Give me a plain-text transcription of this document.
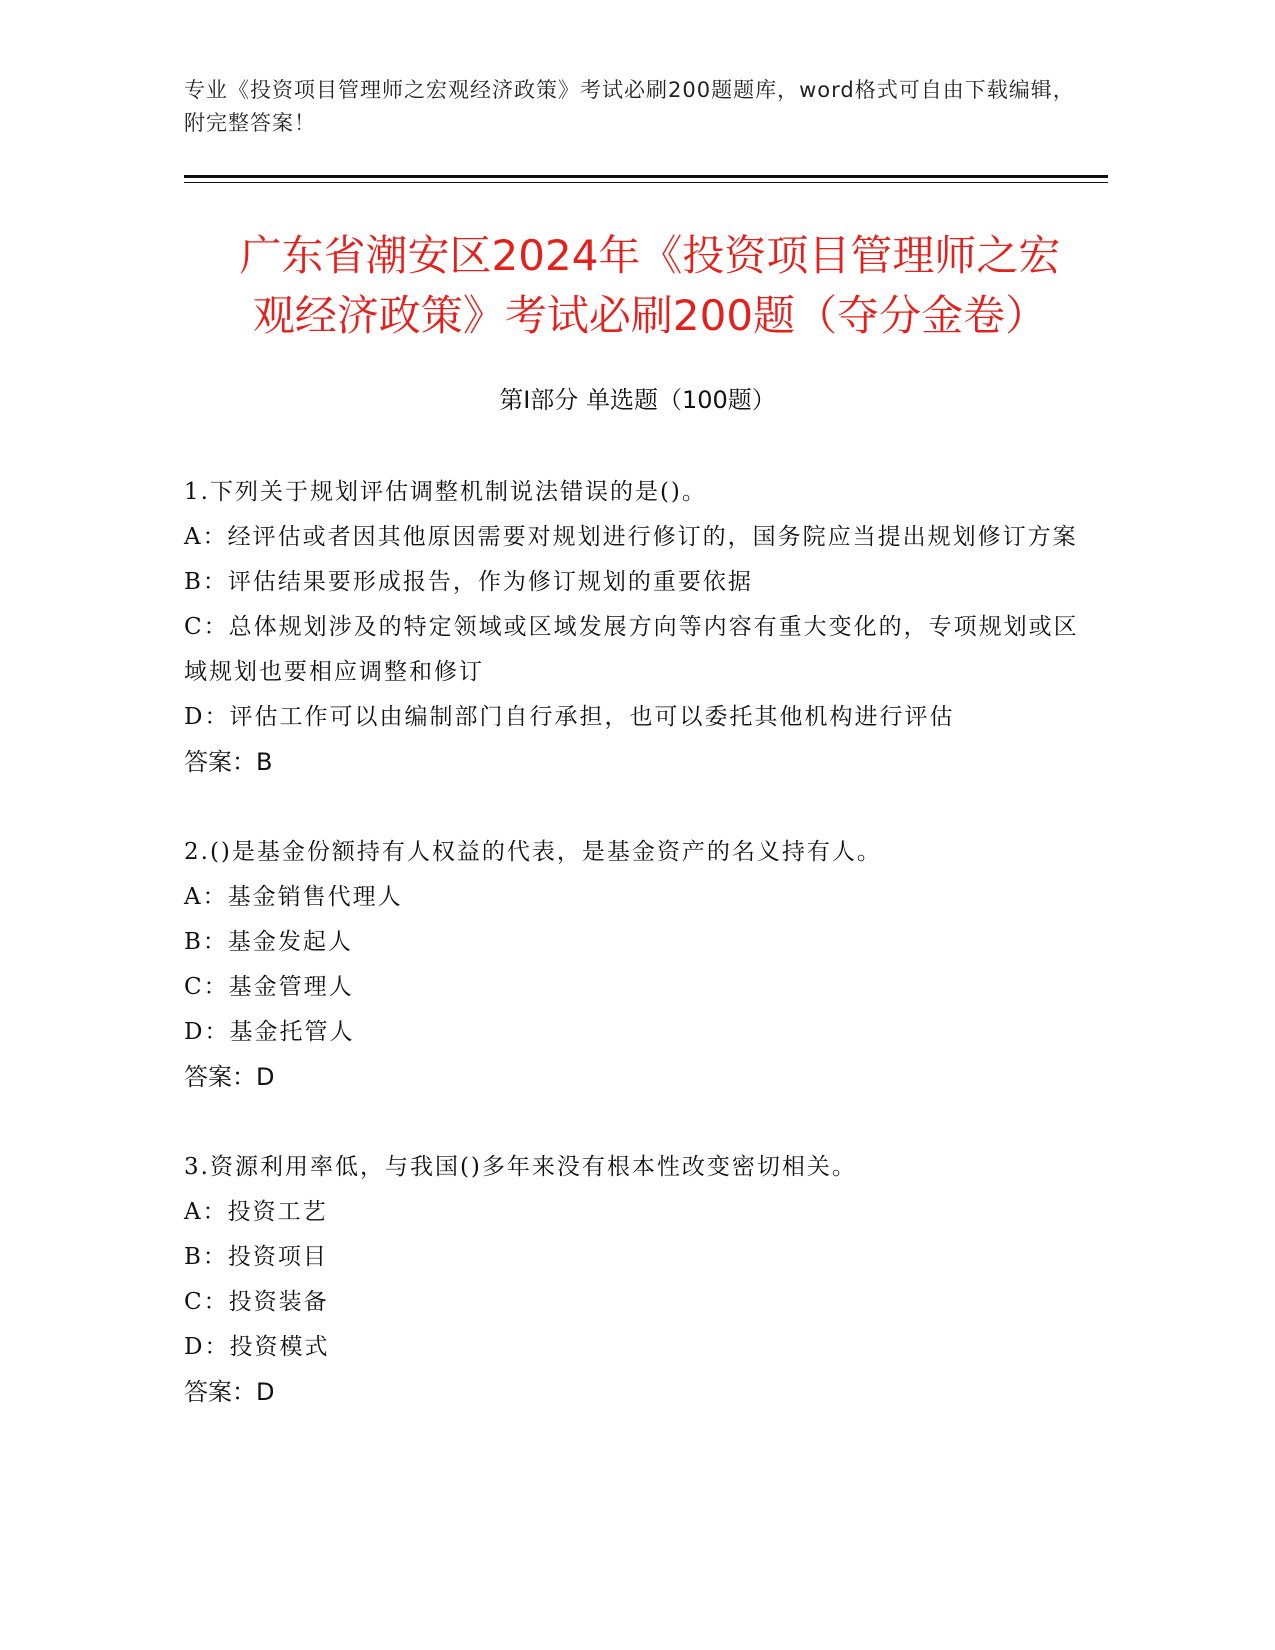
专业《投资项目管理师之宏观经济政策》考试必刷200题题库，word格式可自由下载编辑，附完整答案！
广东省潮安区2024年《投资项目管理师之宏
观经济政策》考试必刷200题（夺分金卷）
第I部分 单选题（100题）
1.下列关于规划评估调整机制说法错误的是()。
A：经评估或者因其他原因需要对规划进行修订的，国务院应当提出规划修订方案
B：评估结果要形成报告，作为修订规划的重要依据
C：总体规划涉及的特定领域或区域发展方向等内容有重大变化的，专项规划或区域规划也要相应调整和修订
D：评估工作可以由编制部门自行承担，也可以委托其他机构进行评估
答案：B
2.()是基金份额持有人权益的代表，是基金资产的名义持有人。
A：基金销售代理人
B：基金发起人
C：基金管理人
D：基金托管人
答案：D
3.资源利用率低，与我国()多年来没有根本性改变密切相关。
A：投资工艺
B：投资项目
C：投资装备
D：投资模式
答案：D
